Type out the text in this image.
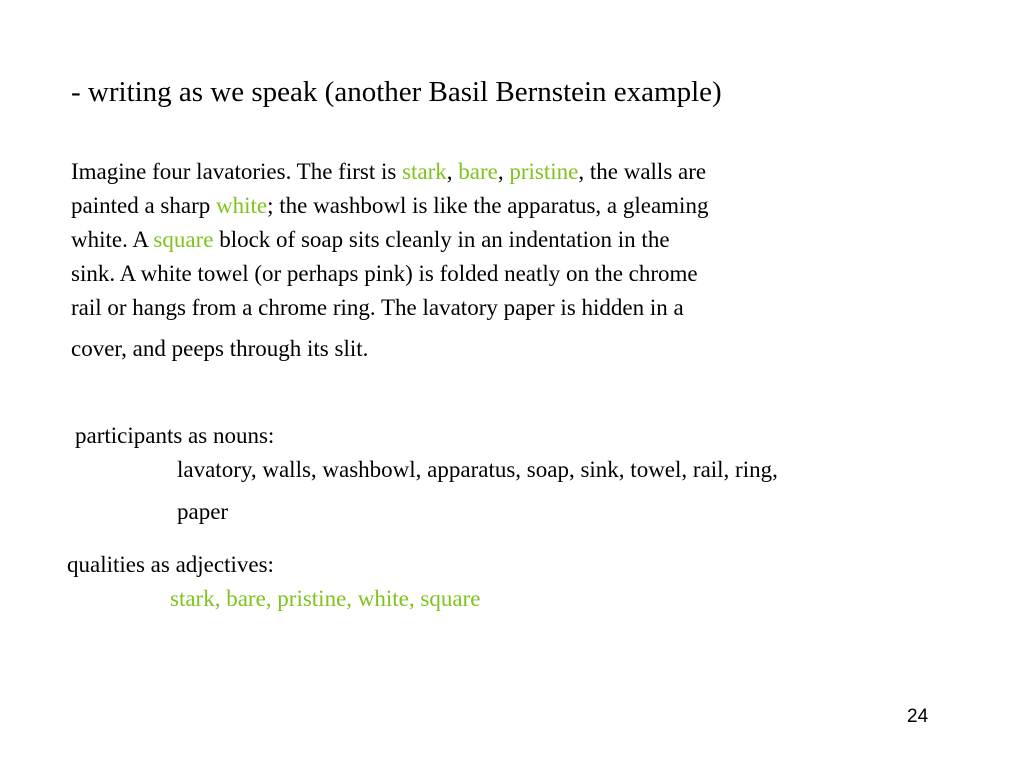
- writing as we speak (another Basil Bernstein example)
Imagine four lavatories. The first is stark, bare, pristine, the walls are
painted a sharp white; the washbowl is like the apparatus, a gleaming
white. A square block of soap sits cleanly in an indentation in the
sink. A white towel (or perhaps pink) is folded neatly on the chrome
rail or hangs from a chrome ring. The lavatory paper is hidden in a
cover, and peeps through its slit.
participants as nouns:
lavatory, walls, washbowl, apparatus, soap, sink, towel, rail, ring,
paper
qualities as adjectives:
stark, bare, pristine, white, square
24
